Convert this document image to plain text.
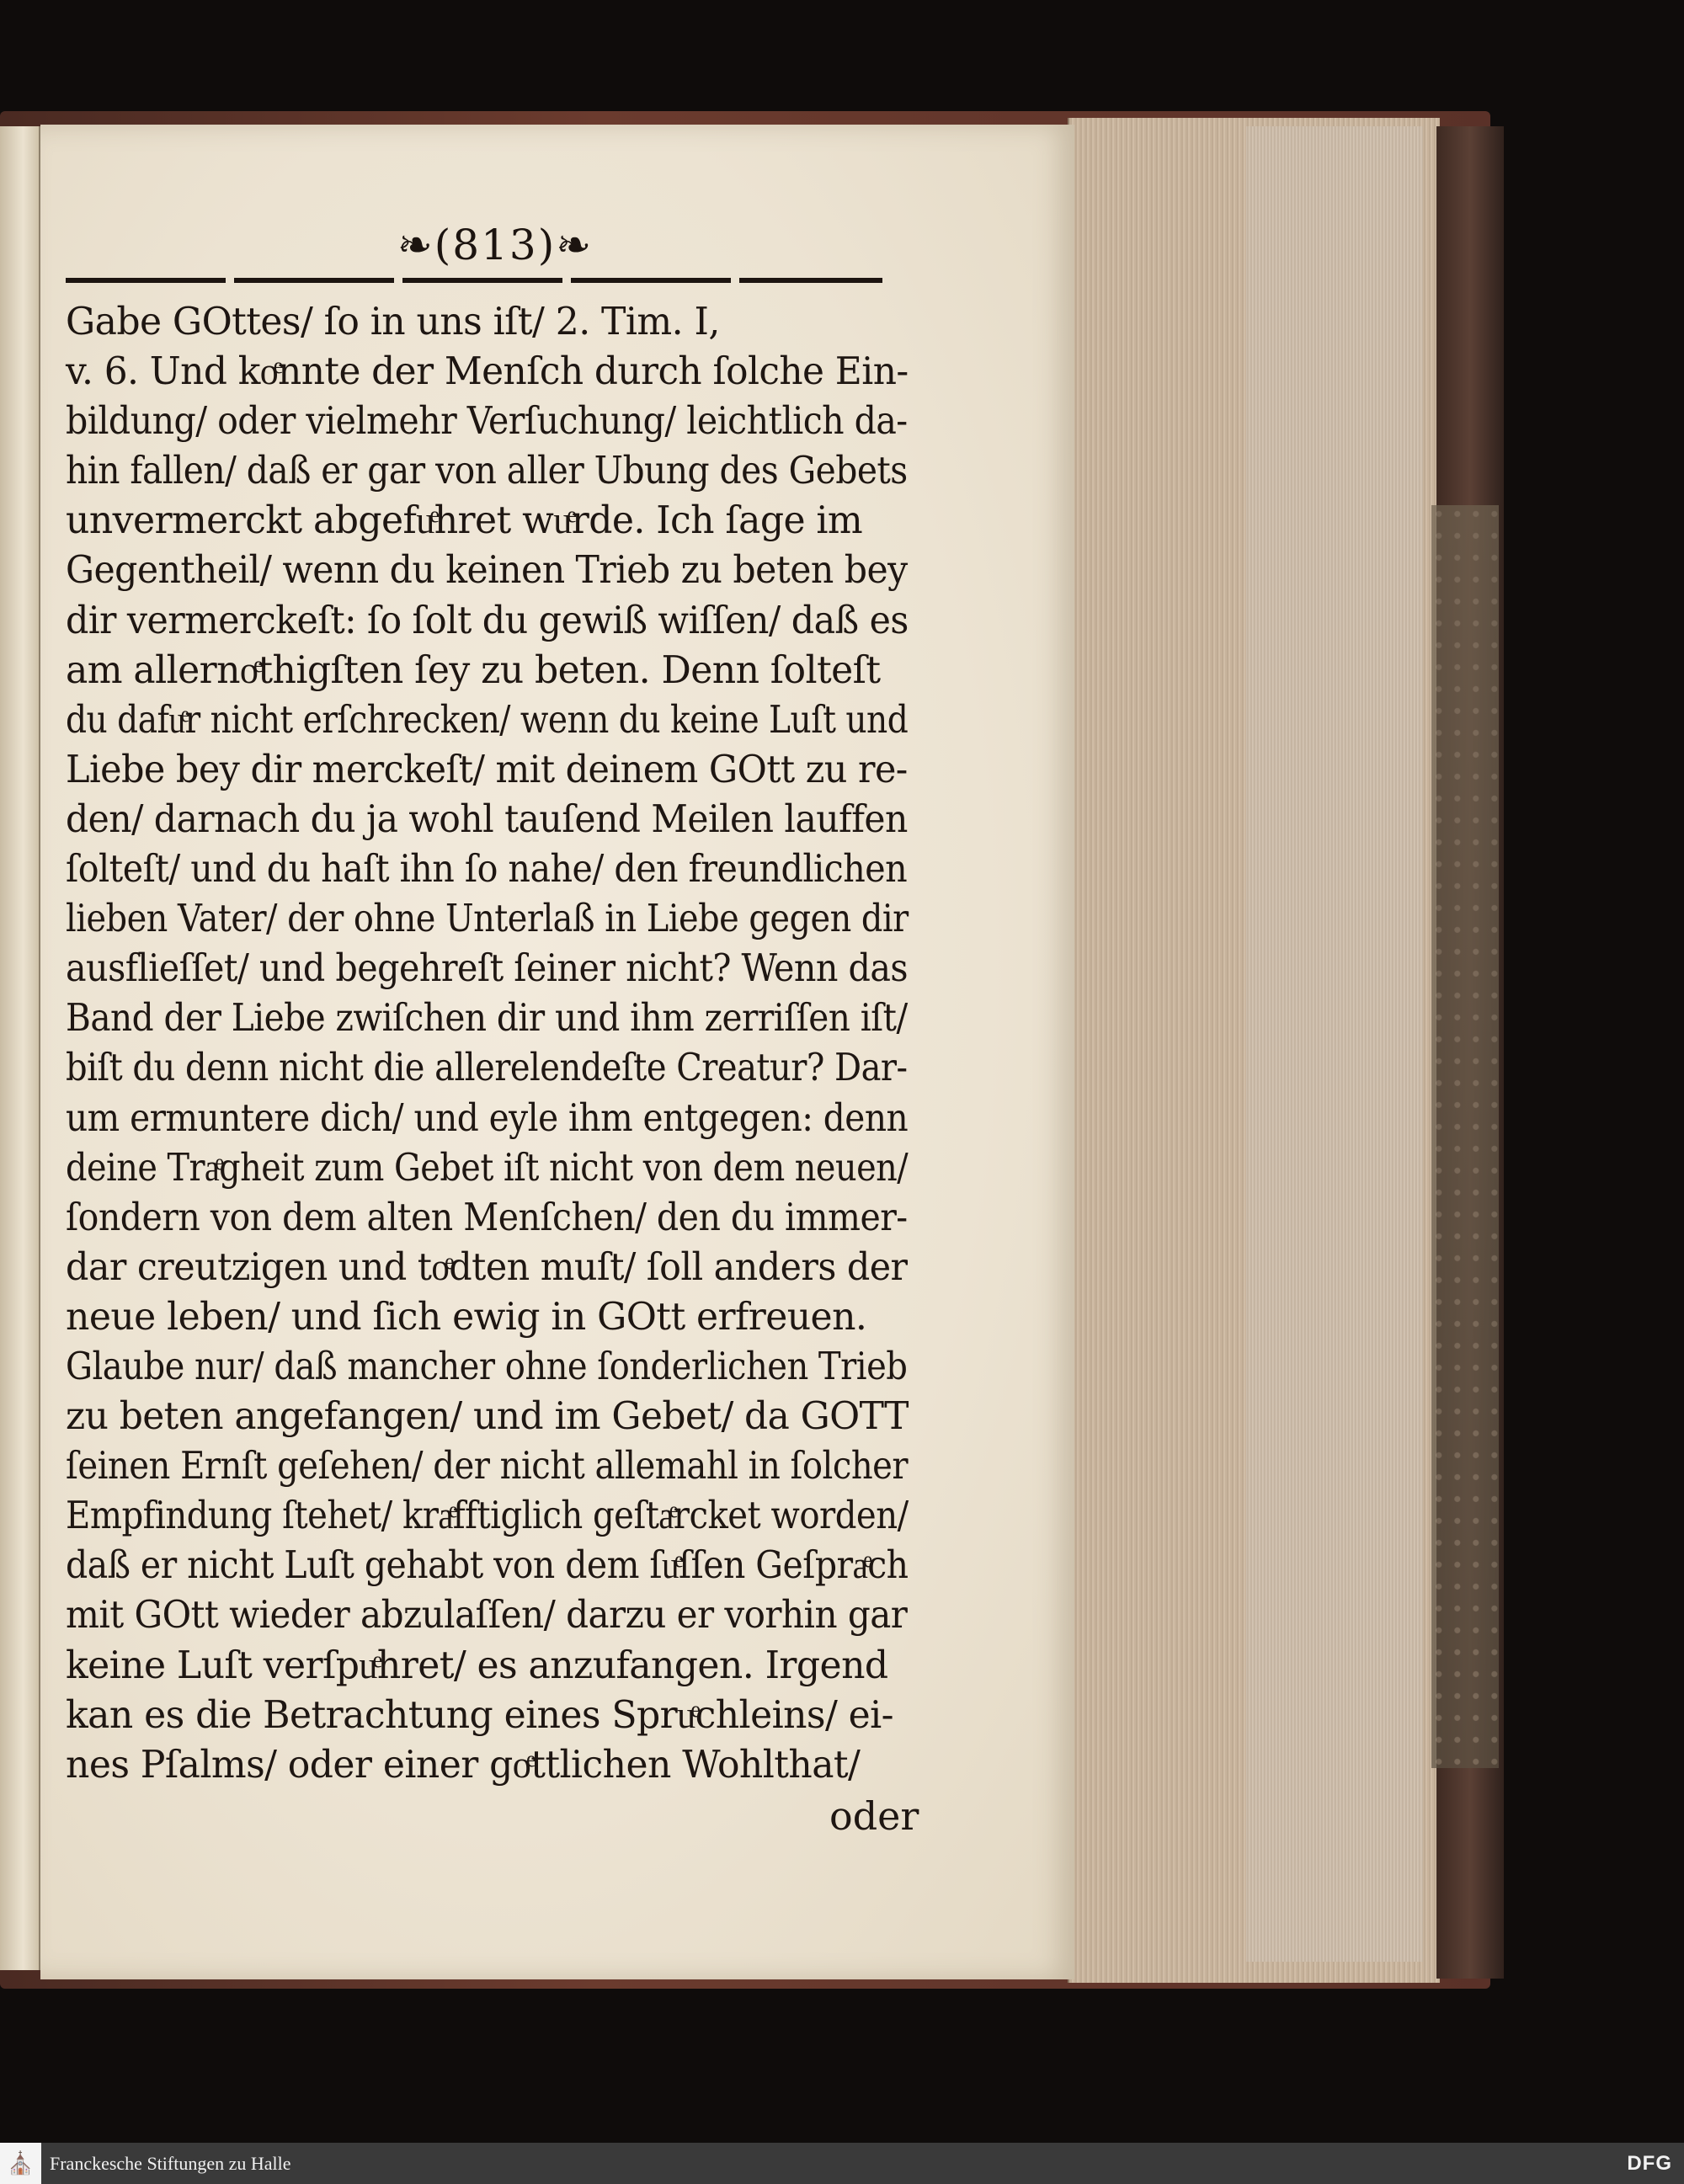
❧(813)❧
Gabe GOttes/ ſo in uns iſt/ 2. Tim. I,
v. 6. Und koͤnnte der Menſch durch ſolche Ein-
bildung/ oder vielmehr Verſuchung/ leichtlich da-
hin fallen/ daß er gar von aller Ubung des Gebets
unvermerckt abgefuͤhret wuͤrde. Ich ſage im
Gegentheil/ wenn du keinen Trieb zu beten bey
dir vermerckeſt: ſo ſolt du gewiß wiſſen/ daß es
am allernoͤthigſten ſey zu beten. Denn ſolteſt
du dafuͤr nicht erſchrecken/ wenn du keine Luſt und
Liebe bey dir merckeſt/ mit deinem GOtt zu re-
den/ darnach du ja wohl tauſend Meilen lauffen
ſolteſt/ und du haſt ihn ſo nahe/ den freundlichen
lieben Vater/ der ohne Unterlaß in Liebe gegen dir
ausflieſſet/ und begehreſt ſeiner nicht? Wenn das
Band der Liebe zwiſchen dir und ihm zerriſſen iſt/
biſt du denn nicht die allerelendeſte Creatur? Dar-
um ermuntere dich/ und eyle ihm entgegen: denn
deine Traͤgheit zum Gebet iſt nicht von dem neuen/
ſondern von dem alten Menſchen/ den du immer-
dar creutzigen und toͤdten muſt/ ſoll anders der
neue leben/ und ſich ewig in GOtt erfreuen.
Glaube nur/ daß mancher ohne ſonderlichen Trieb
zu beten angefangen/ und im Gebet/ da GOTT
ſeinen Ernſt geſehen/ der nicht allemahl in ſolcher
Empfindung ſtehet/ kraͤfftiglich geſtaͤrcket worden/
daß er nicht Luſt gehabt von dem ſuͤſſen Geſpraͤch
mit GOtt wieder abzulaſſen/ darzu er vorhin gar
keine Luſt verſpuͤhret/ es anzufangen. Irgend
kan es die Betrachtung eines Spruͤchleins/ ei-
nes Pſalms/ oder einer goͤttlichen Wohlthat/
oder
⛪ Franckesche Stiftungen zu Halle	DFG
